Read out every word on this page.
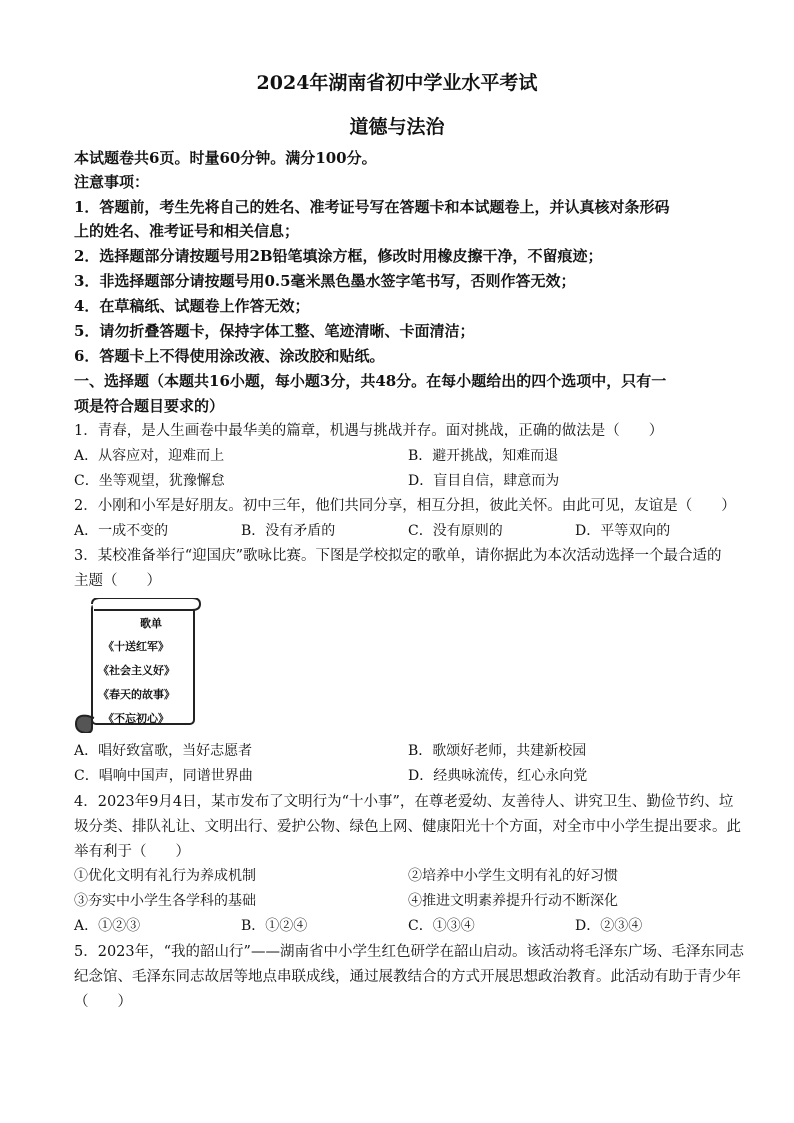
2024年湖南省初中学业水平考试
道德与法治
本试题卷共6页。时量60分钟。满分100分。
注意事项：
1．答题前，考生先将自己的姓名、准考证号写在答题卡和本试题卷上，并认真核对条形码
上的姓名、准考证号和相关信息；
2．选择题部分请按题号用2B铅笔填涂方框，修改时用橡皮擦干净，不留痕迹；
3．非选择题部分请按题号用0.5毫米黑色墨水签字笔书写，否则作答无效；
4．在草稿纸、试题卷上作答无效；
5．请勿折叠答题卡，保持字体工整、笔迹清晰、卡面清洁；
6．答题卡上不得使用涂改液、涂改胶和贴纸。
一、选择题（本题共16小题，每小题3分，共48分。在每小题给出的四个选项中，只有一
项是符合题目要求的）
1．青春，是人生画卷中最华美的篇章，机遇与挑战并存。面对挑战，正确的做法是（　　）
A．从容应对，迎难而上	B．避开挑战，知难而退
C．坐等观望，犹豫懈怠	D．盲目自信，肆意而为
2．小刚和小军是好朋友。初中三年，他们共同分享，相互分担，彼此关怀。由此可见，友谊是（　　）
A．一成不变的	B．没有矛盾的	C．没有原则的	D．平等双向的
3．某校准备举行“迎国庆”歌咏比赛。下图是学校拟定的歌单，请你据此为本次活动选择一个最合适的
主题（　　）
歌单
《十送红军》
《社会主义好》
《春天的故事》
《不忘初心》
A．唱好致富歌，当好志愿者	B．歌颂好老师，共建新校园
C．唱响中国声，同谱世界曲	D．经典咏流传，红心永向党
4．2023年9月4日，某市发布了文明行为“十小事”，在尊老爱幼、友善待人、讲究卫生、勤俭节约、垃
圾分类、排队礼让、文明出行、爱护公物、绿色上网、健康阳光十个方面，对全市中小学生提出要求。此
举有利于（　　）
①优化文明有礼行为养成机制	②培养中小学生文明有礼的好习惯
③夯实中小学生各学科的基础	④推进文明素养提升行动不断深化
A．①②③	B．①②④	C．①③④	D．②③④
5．2023年，“我的韶山行”——湖南省中小学生红色研学在韶山启动。该活动将毛泽东广场、毛泽东同志
纪念馆、毛泽东同志故居等地点串联成线，通过展教结合的方式开展思想政治教育。此活动有助于青少年
（　　）
